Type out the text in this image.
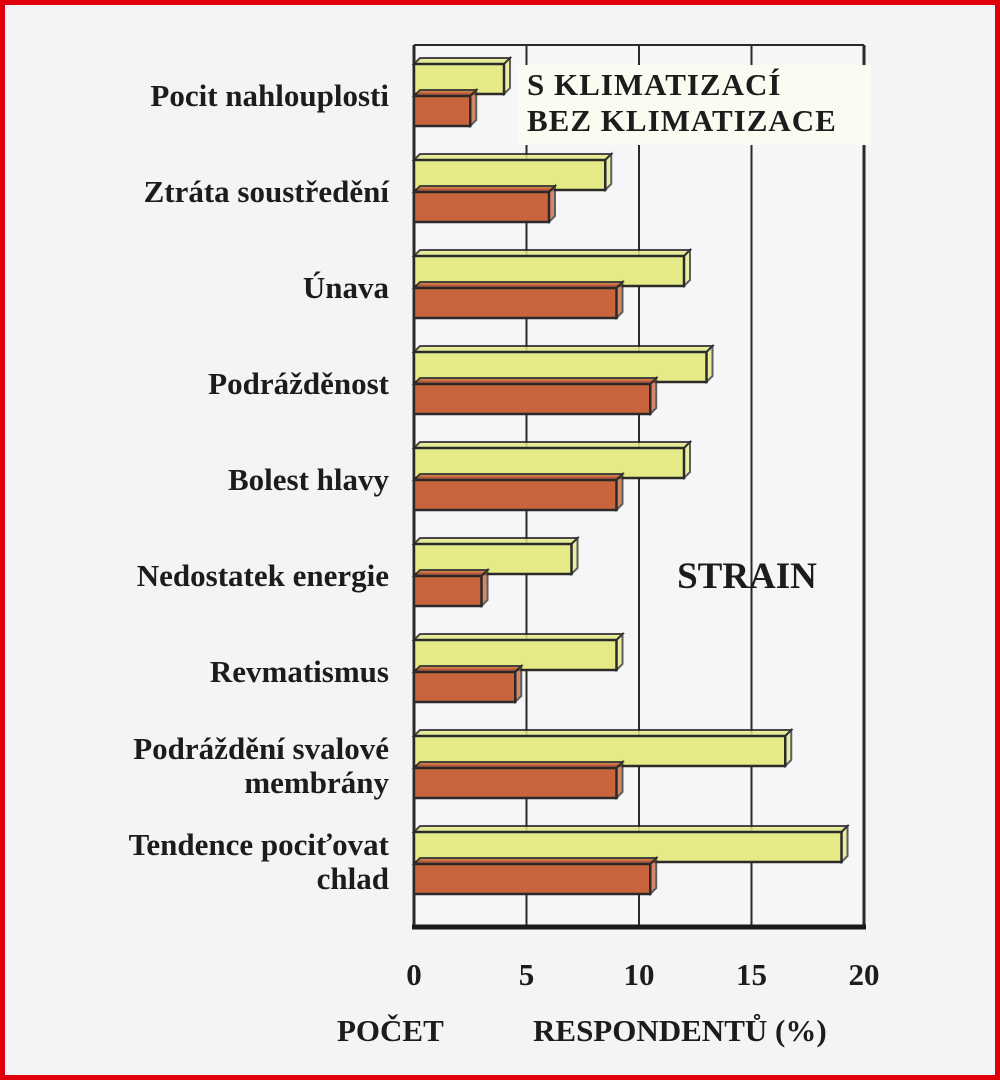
S KLIMATIZACÍ
BEZ KLIMATIZACE
Pocit nahlouplosti
Ztráta soustředění
Únava
Podrážděnost
Bolest hlavy
Nedostatek energie
Revmatismus
Podráždění svalové membrány
Tendence pociťovat chlad
STRAIN
0	5	10	15	20
POČET	RESPONDENTŮ (%)
